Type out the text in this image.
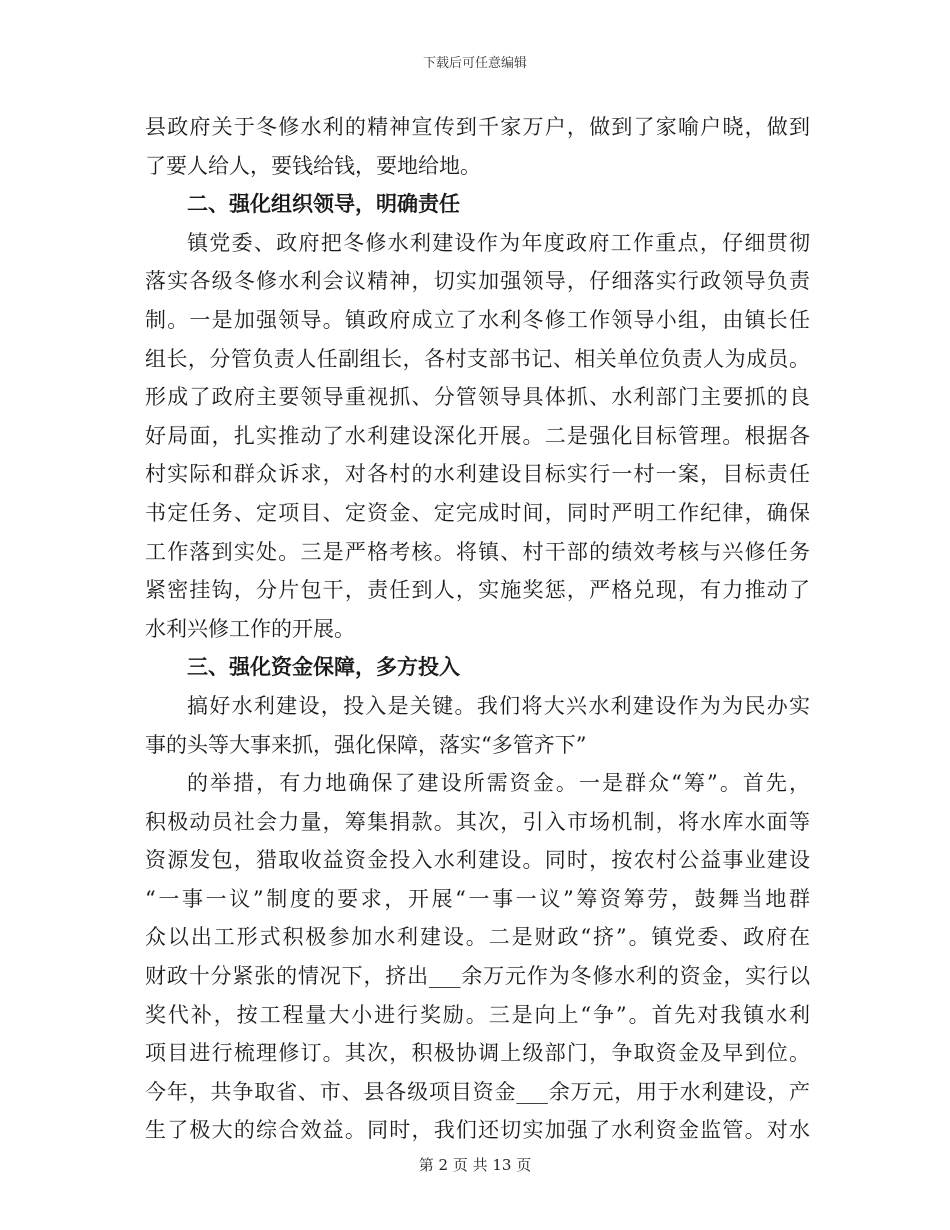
下载后可任意编辑
县政府关于冬修水利的精神宣传到千家万户，做到了家喻户晓，做到
了要人给人，要钱给钱，要地给地。
二、强化组织领导，明确责任
镇党委、政府把冬修水利建设作为年度政府工作重点，仔细贯彻
落实各级冬修水利会议精神，切实加强领导，仔细落实行政领导负责
制。一是加强领导。镇政府成立了水利冬修工作领导小组，由镇长任
组长，分管负责人任副组长，各村支部书记、相关单位负责人为成员。
形成了政府主要领导重视抓、分管领导具体抓、水利部门主要抓的良
好局面，扎实推动了水利建设深化开展。二是强化目标管理。根据各
村实际和群众诉求，对各村的水利建设目标实行一村一案，目标责任
书定任务、定项目、定资金、定完成时间，同时严明工作纪律，确保
工作落到实处。三是严格考核。将镇、村干部的绩效考核与兴修任务
紧密挂钩，分片包干，责任到人，实施奖惩，严格兑现，有力推动了
水利兴修工作的开展。
三、强化资金保障，多方投入
搞好水利建设，投入是关键。我们将大兴水利建设作为为民办实
事的头等大事来抓，强化保障，落实“多管齐下”
的举措，有力地确保了建设所需资金。一是群众“筹”。首先，
积极动员社会力量，筹集捐款。其次，引入市场机制，将水库水面等
资源发包，猎取收益资金投入水利建设。同时，按农村公益事业建设
“一事一议”制度的要求，开展“一事一议”筹资筹劳，鼓舞当地群
众以出工形式积极参加水利建设。二是财政“挤”。镇党委、政府在
财政十分紧张的情况下，挤出___余万元作为冬修水利的资金，实行以
奖代补，按工程量大小进行奖励。三是向上“争”。首先对我镇水利
项目进行梳理修订。其次，积极协调上级部门，争取资金及早到位。
今年，共争取省、市、县各级项目资金___余万元，用于水利建设，产
生了极大的综合效益。同时，我们还切实加强了水利资金监管。对水
第 2 页 共 13 页
